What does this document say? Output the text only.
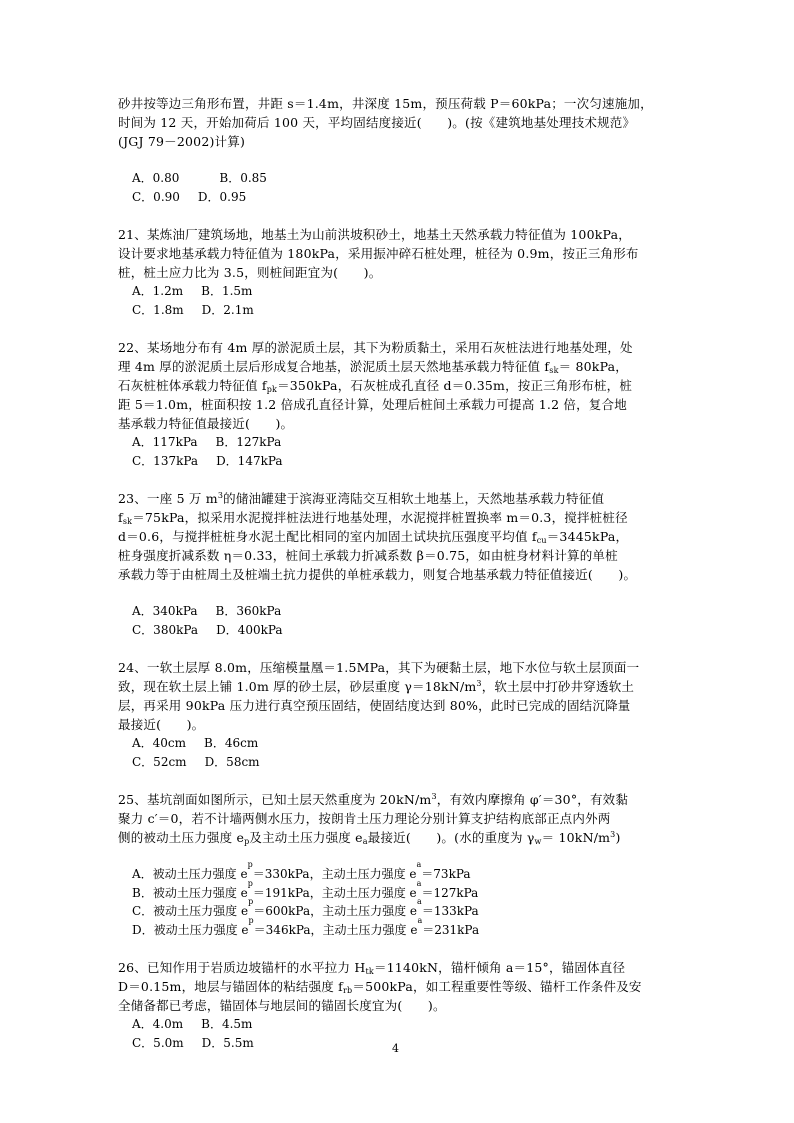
砂井按等边三角形布置，井距 s＝1.4m，井深度 15m，预压荷载 P＝60kPa；一次匀速施加，

时间为 12 天，开始加荷后 100 天，平均固结度接近(　　)。(按《建筑地基处理技术规范》

(JGJ 79－2002)计算)

A．0.80	B．0.85
C．0.90 D．0.95

21、某炼油厂建筑场地，地基土为山前洪坡积砂土，地基土天然承载力特征值为 100kPa，

设计要求地基承载力特征值为 180kPa，采用振冲碎石桩处理，桩径为 0.9m，按正三角形布

桩，桩土应力比为 3.5，则桩间距宜为(　　)。

A．1.2m B．1.5m
C．1.8m D．2.1m

22、某场地分布有 4m 厚的淤泥质土层，其下为粉质黏土，采用石灰桩法进行地基处理，处

理 4m 厚的淤泥质土层后形成复合地基，淤泥质土层天然地基承载力特征值 $f_{sk}= 80kPa$，

石灰桩桩体承载力特征值 $f_{pk}=350kPa$，石灰桩成孔直径 d＝0.35m，按正三角形布桩，桩

距 5＝1.0m，桩面积按 1.2 倍成孔直径计算，处理后桩间土承载力可提高 1.2 倍，复合地

基承载力特征值最接近(　　)。

A．117kPa B．127kPa
C．137kPa D．147kPa

23、一座 5 万 $m^3$的储油罐建于滨海亚湾陆交互相软土地基上，天然地基承载力特征值

$f_{sk}=75kPa$，拟采用水泥搅拌桩法进行地基处理，水泥搅拌桩置换率 m＝0.3，搅拌桩桩径

d＝0.6，与搅拌桩桩身水泥土配比相同的室内加固土试块抗压强度平均值 $f_{cu}=3445kPa$，

桩身强度折减系数 η＝0.33，桩间土承载力折减系数 β＝0.75，如由桩身材料计算的单桩

承载力等于由桩周土及桩端土抗力提供的单桩承载力，则复合地基承载力特征值接近(　　)。

A．340kPa B．360kPa
C．380kPa D．400kPa

24、一软土层厚 8.0m，压缩模量凰＝1.5MPa，其下为硬黏土层，地下水位与软土层顶面一

致，现在软土层上铺 1.0m 厚的砂土层，砂层重度 $\gamma=18kN/m^3$，软土层中打砂井穿透软土

层，再采用 90kPa 压力进行真空预压固结，使固结度达到 80%，此时已完成的固结沉降量

最接近(　　)。

A．40cm B．46cm
C．52cm D．58cm

25、基坑剖面如图所示，已知土层天然重度为 $20kN/m^3$，有效内摩擦角 φ′＝30°，有效黏

聚力 c′＝0，若不计墙两侧水压力，按朗肯土压力理论分别计算支护结构底部正点内外两

侧的被动土压力强度 $e_p$及主动土压力强度 $e_a$最接近(　　)。(水的重度为 $\gamma_w= 10kN/m^3$)

A．被动土压力强度 e
p
＝330kPa，主动土压力强度 e
a
＝73kPa
B．被动土压力强度 e
p
＝191kPa，主动土压力强度 e
a
＝127kPa
C．被动土压力强度 e
p
＝600kPa，主动土压力强度 e
a
＝133kPa
D．被动土压力强度 e
p
＝346kPa，主动土压力强度 e
a
＝231kPa

26、已知作用于岩质边坡锚杆的水平拉力 $H_{tk}=1140kN$，锚杆倾角 a＝15°，锚固体直径

D＝0.15m，地层与锚固体的粘结强度 $f_{rb}=500kPa$，如工程重要性等级、锚杆工作条件及安

全储备都已考虑，锚固体与地层间的锚固长度宜为(　　)。

A．4.0m B．4.5m
C．5.0m D．5.5m	4
